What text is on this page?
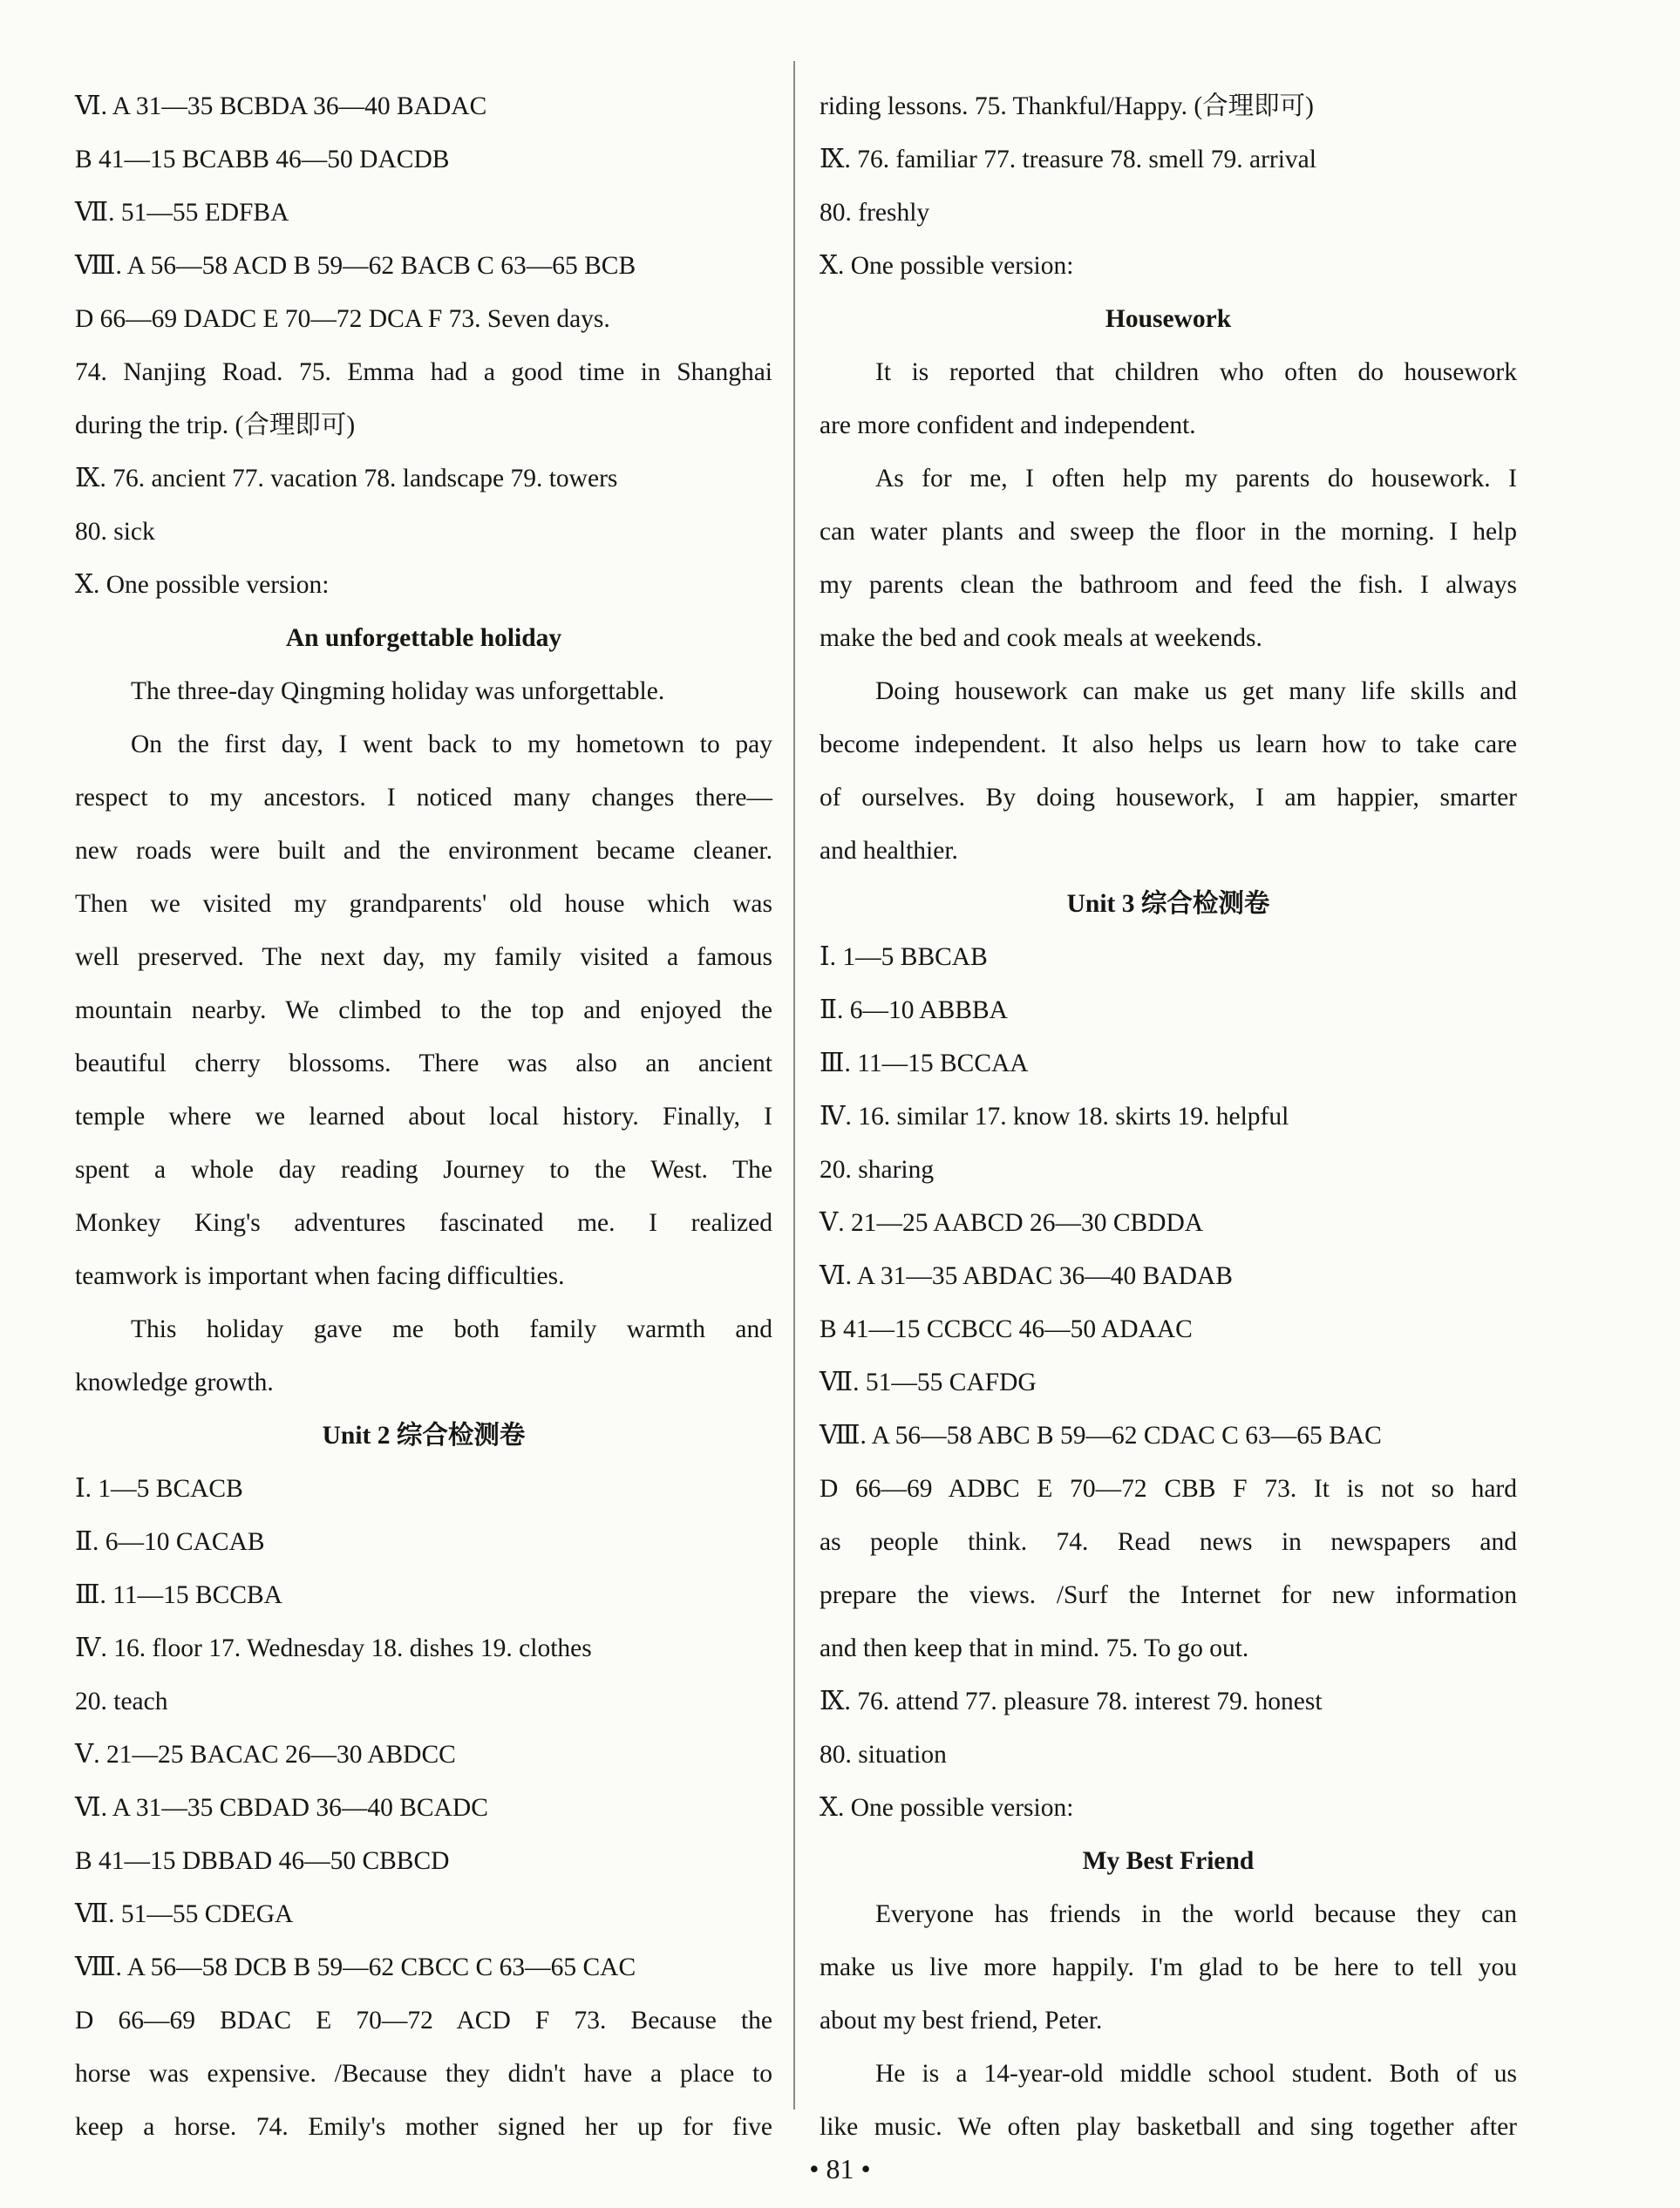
Ⅵ. A 31—35 BCBDA 36—40 BADAC
B 41—15 BCABB 46—50 DACDB
Ⅶ. 51—55 EDFBA
Ⅷ. A 56—58 ACD B 59—62 BACB C 63—65 BCB
D 66—69 DADC E 70—72 DCA F 73. Seven days.
74. Nanjing Road. 75. Emma had a good time in Shanghai
during the trip. (合理即可)
Ⅸ. 76. ancient 77. vacation 78. landscape 79. towers
80. sick
Ⅹ. One possible version:
An unforgettable holiday
The three-day Qingming holiday was unforgettable.
On the first day, I went back to my hometown to pay
respect to my ancestors. I noticed many changes there—
new roads were built and the environment became cleaner.
Then we visited my grandparents' old house which was
well preserved. The next day, my family visited a famous
mountain nearby. We climbed to the top and enjoyed the
beautiful cherry blossoms. There was also an ancient
temple where we learned about local history. Finally, I
spent a whole day reading Journey to the West. The
Monkey King's adventures fascinated me. I realized
teamwork is important when facing difficulties.
This holiday gave me both family warmth and
knowledge growth.
Unit 2 综合检测卷
Ⅰ. 1—5 BCACB
Ⅱ. 6—10 CACAB
Ⅲ. 11—15 BCCBA
Ⅳ. 16. floor 17. Wednesday 18. dishes 19. clothes
20. teach
Ⅴ. 21—25 BACAC 26—30 ABDCC
Ⅵ. A 31—35 CBDAD 36—40 BCADC
B 41—15 DBBAD 46—50 CBBCD
Ⅶ. 51—55 CDEGA
Ⅷ. A 56—58 DCB B 59—62 CBCC C 63—65 CAC
D 66—69 BDAC E 70—72 ACD F 73. Because the
horse was expensive. /Because they didn't have a place to
keep a horse. 74. Emily's mother signed her up for five
riding lessons. 75. Thankful/Happy. (合理即可)
Ⅸ. 76. familiar 77. treasure 78. smell 79. arrival
80. freshly
Ⅹ. One possible version:
Housework
It is reported that children who often do housework
are more confident and independent.
As for me, I often help my parents do housework. I
can water plants and sweep the floor in the morning. I help
my parents clean the bathroom and feed the fish. I always
make the bed and cook meals at weekends.
Doing housework can make us get many life skills and
become independent. It also helps us learn how to take care
of ourselves. By doing housework, I am happier, smarter
and healthier.
Unit 3 综合检测卷
Ⅰ. 1—5 BBCAB
Ⅱ. 6—10 ABBBA
Ⅲ. 11—15 BCCAA
Ⅳ. 16. similar 17. know 18. skirts 19. helpful
20. sharing
Ⅴ. 21—25 AABCD 26—30 CBDDA
Ⅵ. A 31—35 ABDAC 36—40 BADAB
B 41—15 CCBCC 46—50 ADAAC
Ⅶ. 51—55 CAFDG
Ⅷ. A 56—58 ABC B 59—62 CDAC C 63—65 BAC
D 66—69 ADBC E 70—72 CBB F 73. It is not so hard
as people think. 74. Read news in newspapers and
prepare the views. /Surf the Internet for new information
and then keep that in mind. 75. To go out.
Ⅸ. 76. attend 77. pleasure 78. interest 79. honest
80. situation
Ⅹ. One possible version:
My Best Friend
Everyone has friends in the world because they can
make us live more happily. I'm glad to be here to tell you
about my best friend, Peter.
He is a 14-year-old middle school student. Both of us
like music. We often play basketball and sing together after
• 81 •
